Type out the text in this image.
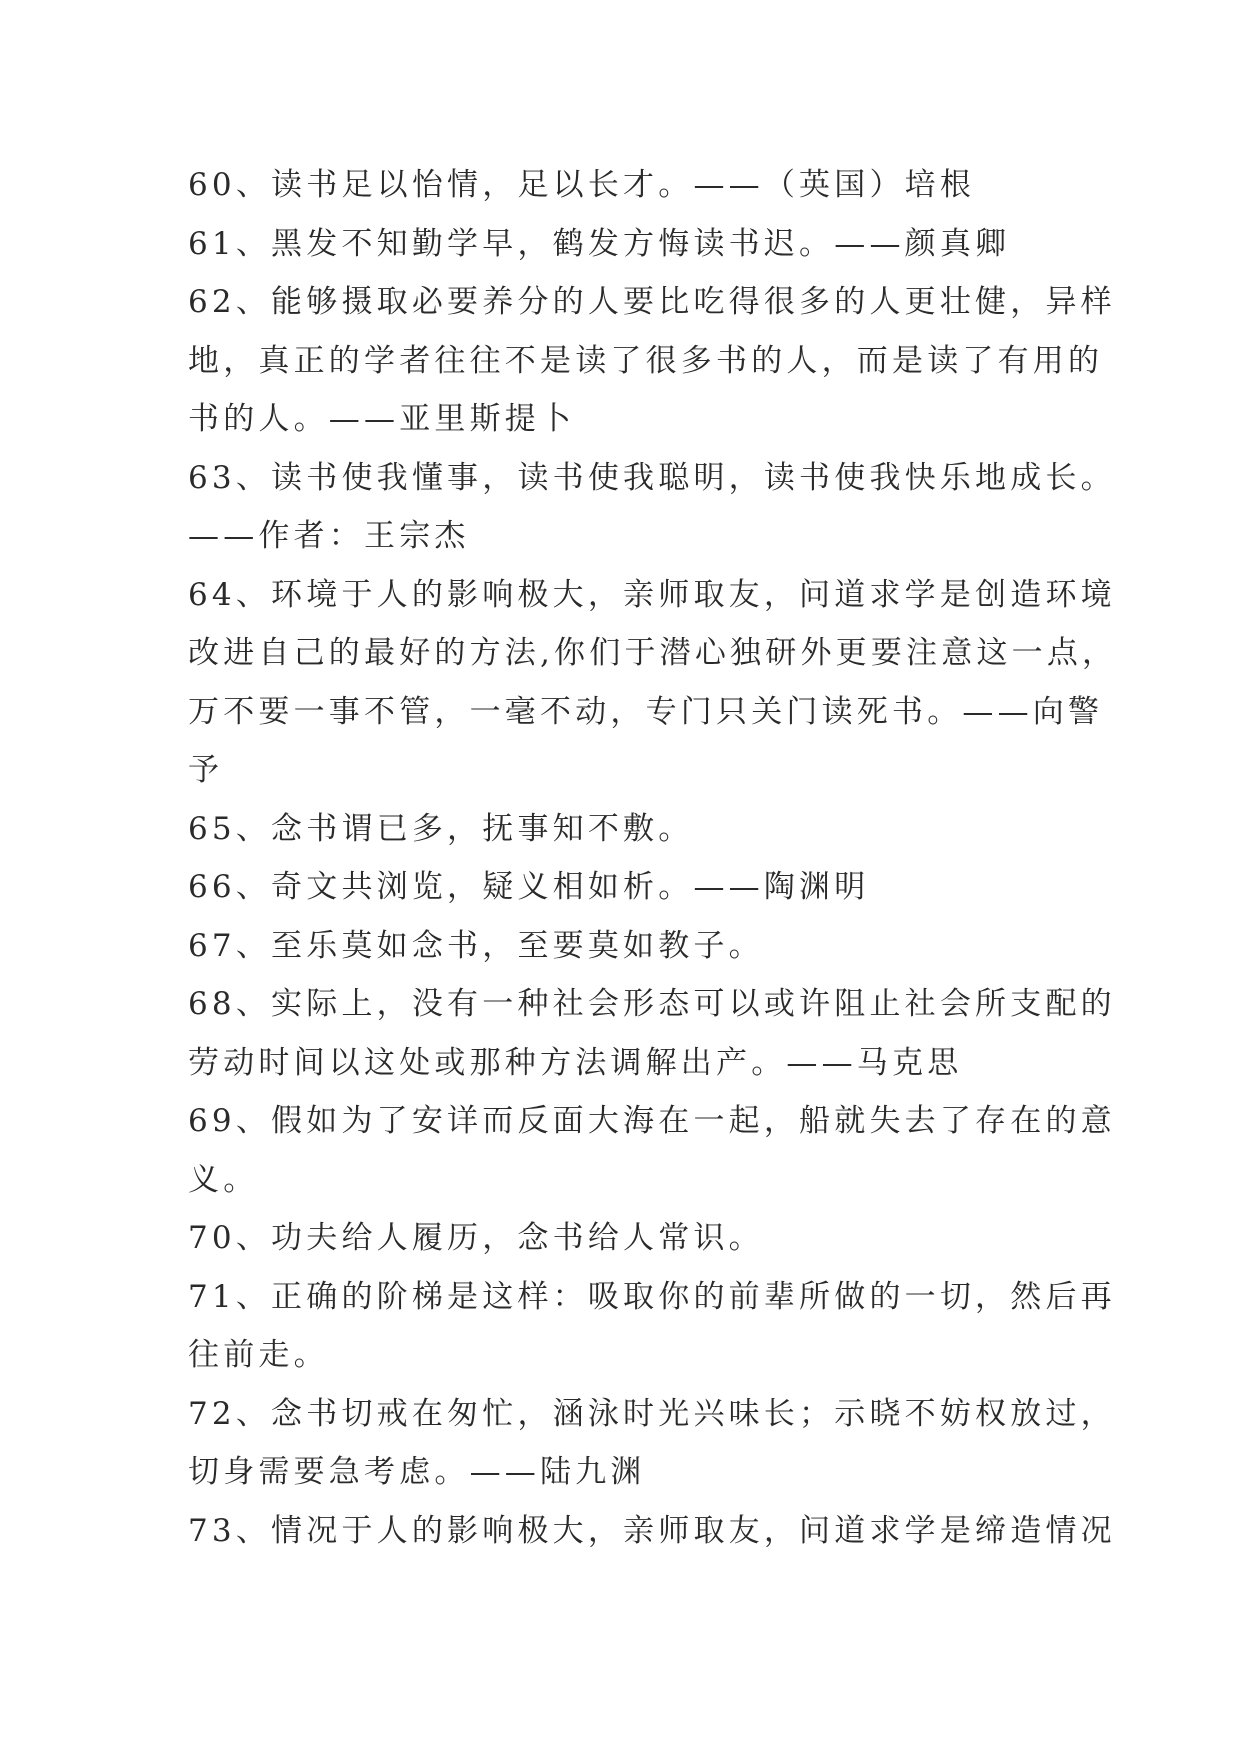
60、读书足以怡情，足以长才。——（英国）培根
61、黑发不知勤学早，鹤发方悔读书迟。——颜真卿
62、能够摄取必要养分的人要比吃得很多的人更壮健，异样
地，真正的学者往往不是读了很多书的人，而是读了有用的
书的人。——亚里斯提卜
63、读书使我懂事，读书使我聪明，读书使我快乐地成长。
——作者：王宗杰
64、环境于人的影响极大，亲师取友，问道求学是创造环境
改进自己的最好的方法,你们于潜心独研外更要注意这一点，
万不要一事不管，一毫不动，专门只关门读死书。——向警
予
65、念书谓已多，抚事知不敷。
66、奇文共浏览，疑义相如析。——陶渊明
67、至乐莫如念书，至要莫如教子。
68、实际上，没有一种社会形态可以或许阻止社会所支配的
劳动时间以这处或那种方法调解出产。——马克思
69、假如为了安详而反面大海在一起，船就失去了存在的意
义。
70、功夫给人履历，念书给人常识。
71、正确的阶梯是这样：吸取你的前辈所做的一切，然后再
往前走。
72、念书切戒在匆忙，涵泳时光兴味长；示晓不妨权放过，
切身需要急考虑。——陆九渊
73、情况于人的影响极大，亲师取友，问道求学是缔造情况
